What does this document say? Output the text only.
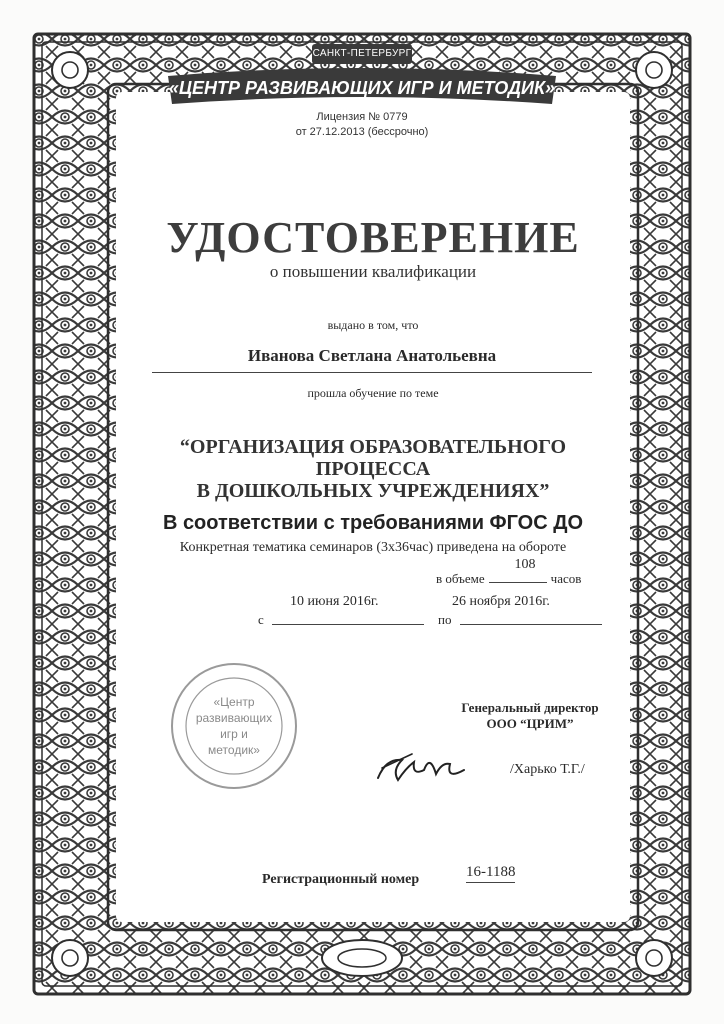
САНКТ-ПЕТЕРБУРГ
«ЦЕНТР РАЗВИВАЮЩИХ ИГР И МЕТОДИК»
Лицензия № 0779
от 27.12.2013 (бессрочно)
УДОСТОВЕРЕНИЕ
о повышении квалификации
выдано в том, что
Иванова Светлана Анатольевна
прошла обучение по теме
“ОРГАНИЗАЦИЯ ОБРАЗОВАТЕЛЬНОГО
ПРОЦЕССА
В ДОШКОЛЬНЫХ УЧРЕЖДЕНИЯХ”
В соответствии с требованиями ФГОС ДО
Конкретная тематика семинаров (3х36час) приведена на обороте
108
в объеме	часов
10 июня 2016г.	26 ноября 2016г.
с	по
«Центр
развивающих
игр и
методик»
Генеральный директор
ООО “ЦРИМ”
/Харько Т.Г./
Регистрационный номер	16-1188
